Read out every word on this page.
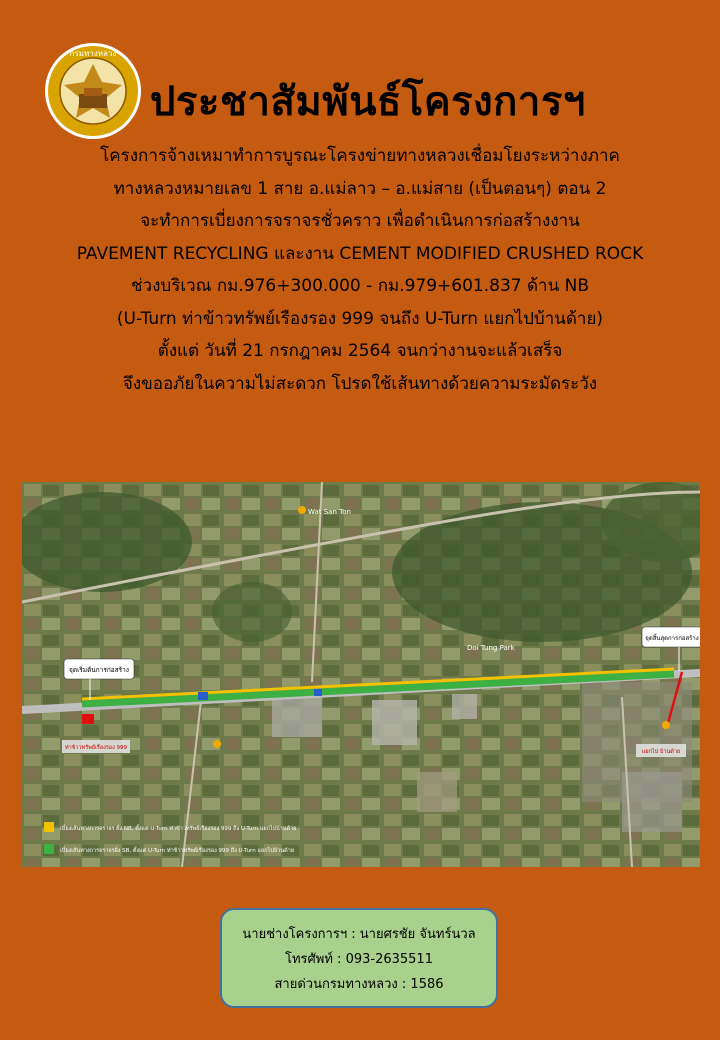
กรมทางหลวง
ประชาสัมพันธ์โครงการฯ
โครงการจ้างเหมาทำการบูรณะโครงข่ายทางหลวงเชื่อมโยงระหว่างภาค
ทางหลวงหมายเลข 1 สาย อ.แม่ลาว – อ.แม่สาย (เป็นตอนๆ) ตอน 2
จะทำการเบี่ยงการจราจรชั่วคราว เพื่อดำเนินการก่อสร้างงาน
PAVEMENT RECYCLING และงาน CEMENT MODIFIED CRUSHED ROCK
ช่วงบริเวณ กม.976+300.000 - กม.979+601.837 ด้าน NB
(U-Turn ท่าข้าวทรัพย์เรืองรอง 999 จนถึง U-Turn แยกไปบ้านด้าย)
ตั้งแต่ วันที่ 21 กรกฎาคม 2564 จนกว่างานจะแล้วเสร็จ
จึงขออภัยในความไม่สะดวก โปรดใช้เส้นทางด้วยความระมัดระวัง
จุดเริ่มต้นการก่อสร้าง
จุดสิ้นสุดการก่อสร้าง
Wat San Ton
Doi Tung Park
ท่าข้าวทรัพย์เรืองรอง 999
แยกไป บ้านด้าย
เบี่ยงเส้นทางการจราจร ฝั่ง NB, ตั้งแต่ U-Turn ท่าข้าวทรัพย์เรืองรอง 999 ถึง U-Turn แยกไปบ้านด้าย
เบี่ยงเส้นทางการจราจรฝั่ง SB, ตั้งแต่ U-Turn ท่าข้าวทรัพย์เรืองรอง 999 ถึง U-Turn แยกไปบ้านด้าย
นายช่างโครงการฯ : นายศรชัย จันทร์นวล
โทรศัพท์ : 093-2635511
สายด่วนกรมทางหลวง : 1586
